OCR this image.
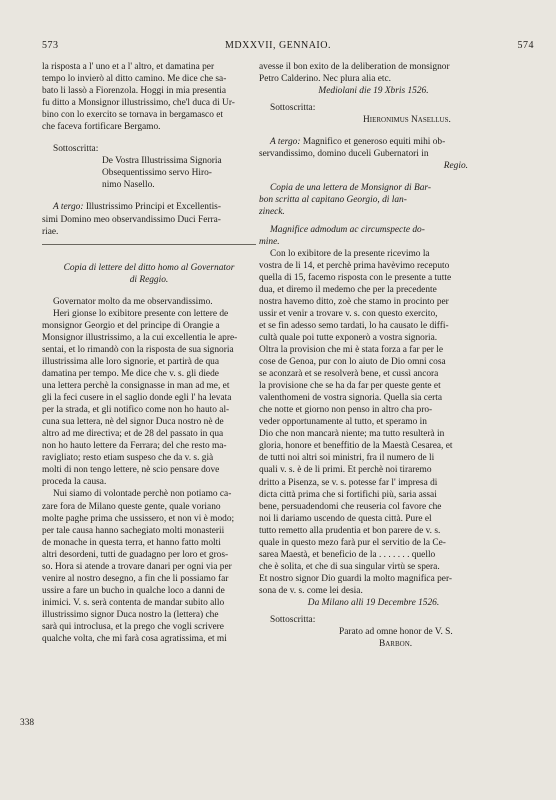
573	MDXXVII, GENNAIO.	574

la risposta a l' uno et a l' altro, et damatina per

tempo lo invierò al ditto camino. Me dice che sa-

bato li lassò a Fiorenzola. Hoggi in mia presentia

fu ditto a Monsignor illustrissimo, che'l duca di Ur-

bino con lo exercito se tornava in bergamasco et

che faceva fortificare Bergamo.

Sottoscritta:

De Vostra Illustrissima Signoria

Obsequentissimo servo Hiro-

nimo Nasello.

A tergo: Illustrissimo Principi et Excellentis-

simi Domino meo observandissimo Duci Ferra-

riae.

Copia di lettere del ditto homo al Governator

di Reggio.

Governator molto da me observandissimo.

Heri gionse lo exibitore presente con lettere de

monsignor Georgio et del principe di Orangie a

Monsignor illustrissimo, a la cui excellentia le apre-

sentai, et lo rimandò con la risposta de sua signoria

illustrissima alle loro signorie, et partirà de qua

damatina per tempo. Me dice che v. s. gli diede

una lettera perchè la consignasse in man ad me, et

gli la feci cusere in el saglio donde egli l' ha levata

per la strada, et gli notifico come non ho hauto al-

cuna sua lettera, nè del signor Duca nostro nè de

altro ad me directiva; et de 28 del passato in qua

non ho hauto lettere da Ferrara; del che resto ma-

ravigliato; resto etiam suspeso che da v. s. già

molti di non tengo lettere, nè scio pensare dove

proceda la causa.

Nui siamo di volontade perchè non potiamo ca-

zare fora de Milano queste gente, quale voriano

molte paghe prima che ussissero, et non vi è modo;

per tale causa hanno sachegiato molti monasterii

de monache in questa terra, et hanno fatto molti

altri desordeni, tutti de guadagno per loro et gros-

so. Hora si atende a trovare danari per ogni via per

venire al nostro desegno, a fin che li possiamo far

ussire a fare un bucho in qualche loco a danni de

inimici. V. s. serà contenta de mandar subito allo

illustrissimo signor Duca nostro la (lettera) che

sarà qui introclusa, et la prego che vogli scrivere

qualche volta, che mi farà cosa agratissima, et mi

338

avesse il bon exito de la deliberation de monsignor

Petro Calderino. Nec plura alia etc.

Mediolani die 19 Xbris 1526.

Sottoscritta:

Hieronimus Nasellus.

A tergo: Magnifico et generoso equiti mihi ob-

servandissimo, domino duceli Gubernatori in

Regio.

Copia de una lettera de Monsignor di Bar-

bon scritta al capitano Georgio, di lan-

zineck.

Magnifice admodum ac circumspecte do-

mine.

Con lo exibitore de la presente ricevimo la

vostra de li 14, et perchè prima havèvimo receputo

quella di 15, facemo risposta con le presente a tutte

dua, et diremo il medemo che per la precedente

nostra havemo ditto, zoè che stamo in procinto per

ussir et venir a trovare v. s. con questo exercito,

et se fin adesso semo tardati, lo ha causato le diffi-

cultà quale poi tutte exponerò a vostra signoria.

Oltra la provision che mi è stata forza a far per le

cose de Genoa, pur con lo aiuto de Dio omni cosa

se aconzarà et se resolverà bene, et cussì ancora

la provisione che se ha da far per queste gente et

valenthomeni de vostra signoria. Quella sia certa

che notte et giorno non penso in altro cha pro-

veder opportunamente al tutto, et speramo in

Dio che non mancarà niente; ma tutto resulterà in

gloria, honore et beneffitio de la Maestà Cesarea, et

de tutti noi altri soi ministri, fra il numero de li

quali v. s. è de li primi. Et perchè noi tiraremo

dritto a Pisenza, se v. s. potesse far l' impresa di

dicta città prima che si fortifichi più, saria assai

bene, persuadendomi che reuseria col favore che

noi li dariamo uscendo de questa città. Pure el

tutto remetto alla prudentia et bon parere de v. s.

quale in questo mezo farà pur el servitio de la Ce-

sarea Maestà, et beneficio de la . . . . . . . quello

che è solita, et che di sua singular virtù se spera.

Et nostro signor Dio guardi la molto magnifica per-

sona de v. s. come lei desia.

Da Milano alli 19 Decembre 1526.

Sottoscritta:

Parato ad omne honor de V. S.

Barbon.
